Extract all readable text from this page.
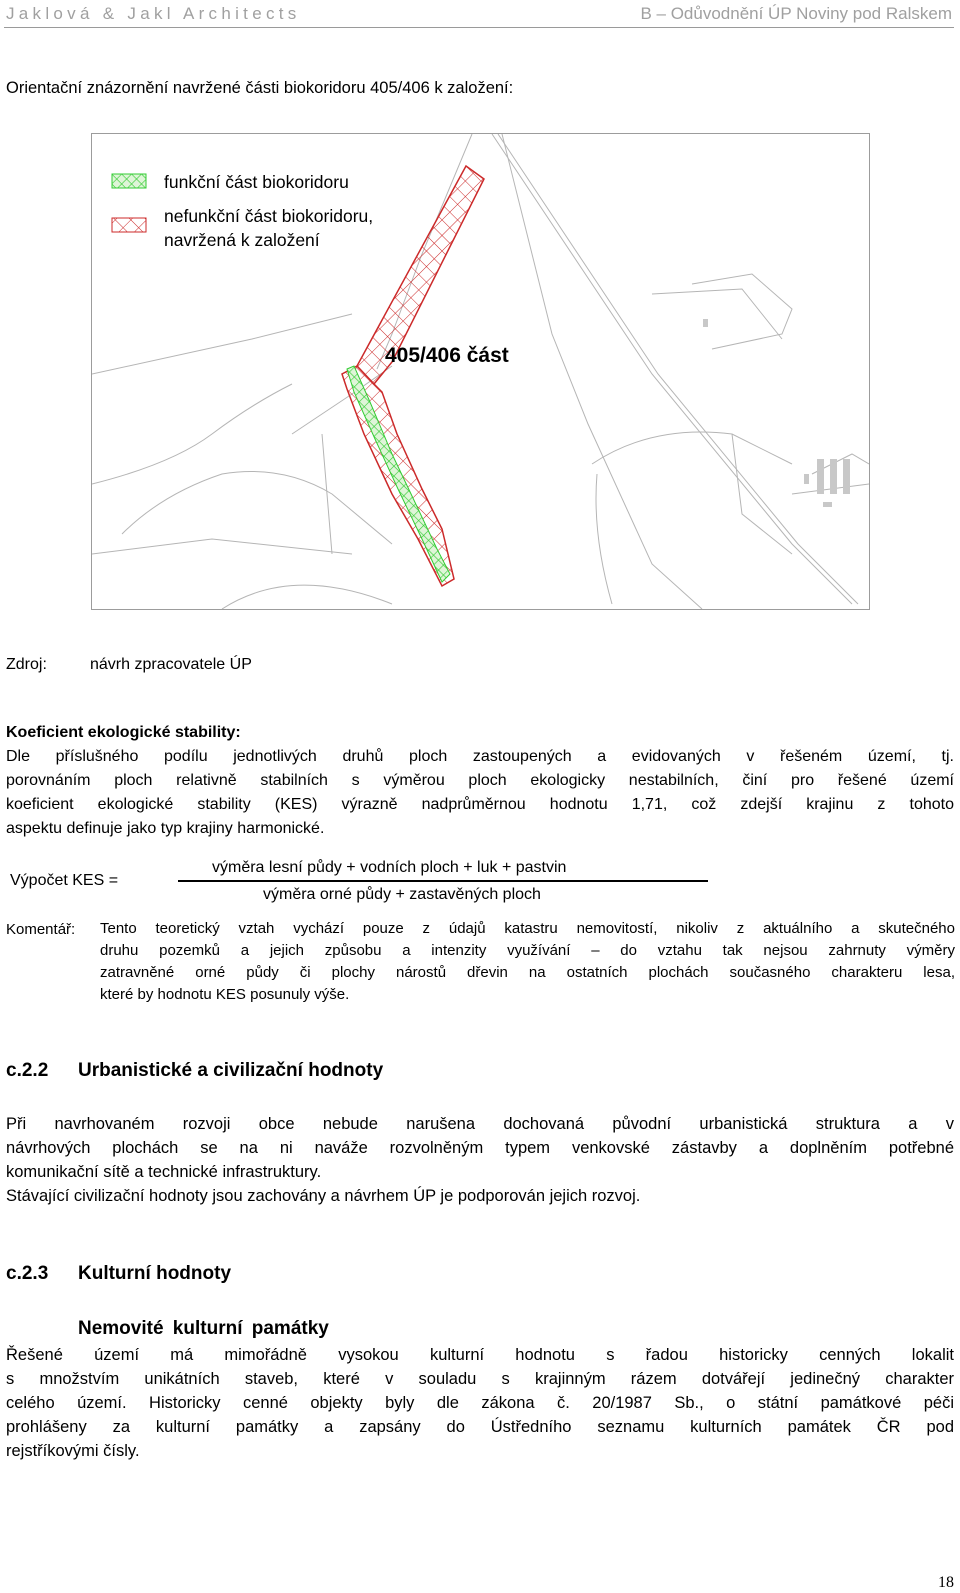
Jaklová & Jakl Architects	B – Odůvodnění ÚP Noviny pod Ralskem
Orientační znázornění navržené části biokoridoru 405/406 k založení:
funkční část biokoridoru
nefunkční část biokoridoru,
navržená k založení
405/406 část
Zdroj:	návrh zpracovatele ÚP
Koeficient ekologické stability:
Dle příslušného podílu jednotlivých druhů ploch zastoupených a evidovaných v řešeném území, tj.
porovnáním ploch relativně stabilních s výměrou ploch ekologicky nestabilních, činí pro řešené území
koeficient ekologické stability (KES) výrazně nadprůměrnou hodnotu 1,71, což zdejší krajinu z tohoto
aspektu definuje jako typ krajiny harmonické.
Výpočet KES =
výměra lesní půdy + vodních ploch + luk + pastvin
výměra orné půdy + zastavěných ploch
Komentář: Tento teoretický vztah vychází pouze z údajů katastru nemovitostí, nikoliv z aktuálního a skutečného
druhu pozemků a jejich způsobu a intenzity využívání – do vztahu tak nejsou zahrnuty výměry
zatravněné orné půdy či plochy nárostů dřevin na ostatních plochách současného charakteru lesa,
které by hodnotu KES posunuly výše.
c.2.2 Urbanistické a civilizační hodnoty
Při navrhovaném rozvoji obce nebude narušena dochovaná původní urbanistická struktura a v
návrhových plochách se na ni naváže rozvolněným typem venkovské zástavby a doplněním potřebné
komunikační sítě a technické infrastruktury.
Stávající civilizační hodnoty jsou zachovány a návrhem ÚP je podporován jejich rozvoj.
c.2.3 Kulturní hodnoty
Nemovité kulturní památky
Řešené území má mimořádně vysokou kulturní hodnotu s řadou historicky cenných lokalit
s množstvím unikátních staveb, které v souladu s krajinným rázem dotvářejí jedinečný charakter
celého území. Historicky cenné objekty byly dle zákona č. 20/1987 Sb., o státní památkové péči
prohlášeny za kulturní památky a zapsány do Ústředního seznamu kulturních památek ČR pod
rejstříkovými čísly.
18
